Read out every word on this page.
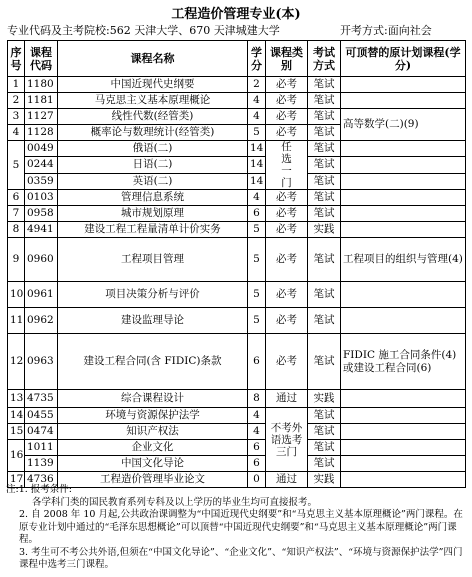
工程造价管理专业(本)
专业代码及主考院校:562 天津大学、670 天津城建大学	开考方式:面向社会
序号	课程代码	课程名称	学分	课程类别	考试方式	可顶替的原计划课程(学分)
1	1180	中国近现代史纲要	2	必考	笔试	
2	1181	马克思主义基本原理概论	4	必考	笔试	
3	1127	线性代数(经管类)	4	必考	笔试	高等数学(二)(9)
4	1128	概率论与数理统计(经管类)	5	必考	笔试	
5	0049	俄语(二)	14	任选一门	笔试	
	0244	日语(二)	14		笔试	
	0359	英语(二)	14		笔试	
6	0103	管理信息系统	4	必考	笔试	
7	0958	城市规划原理	6	必考	笔试	
8	4941	建设工程工程量清单计价实务	5	必考	实践	
9	0960	工程项目管理	5	必考	笔试	工程项目的组织与管理(4)
10	0961	项目决策分析与评价	5	必考	笔试	
11	0962	建设监理导论	5	必考	笔试	
12	0963	建设工程合同(含 FIDIC)条款	6	必考	笔试	FIDIC 施工合同条件(4)或建设工程合同(6)
13	4735	综合课程设计	8	通过	实践	
14	0455	环境与资源保护法学	4	不考外语选考三门	笔试	
15	0474	知识产权法	4		笔试	
16	1011	企业文化	6		笔试	
	1139	中国文化导论	6		笔试	
17	4736	工程造价管理毕业论文	0	通过	实践	

注:1. 报考条件:

各学科门类的国民教育系列专科及以上学历的毕业生均可直接报考。

2. 自 2008 年 10 月起,公共政治课调整为“中国近现代史纲要”和“马克思主义基本原理概论”两门课程。在原专业计划中通过的“毛泽东思想概论”可以顶替“中国近现代史纲要”和“马克思主义基本原理概论”两门课程。

3. 考生可不考公共外语,但须在“中国文化导论”、“企业文化”、“知识产权法”、“环境与资源保护法学”四门课程中选考三门课程。
